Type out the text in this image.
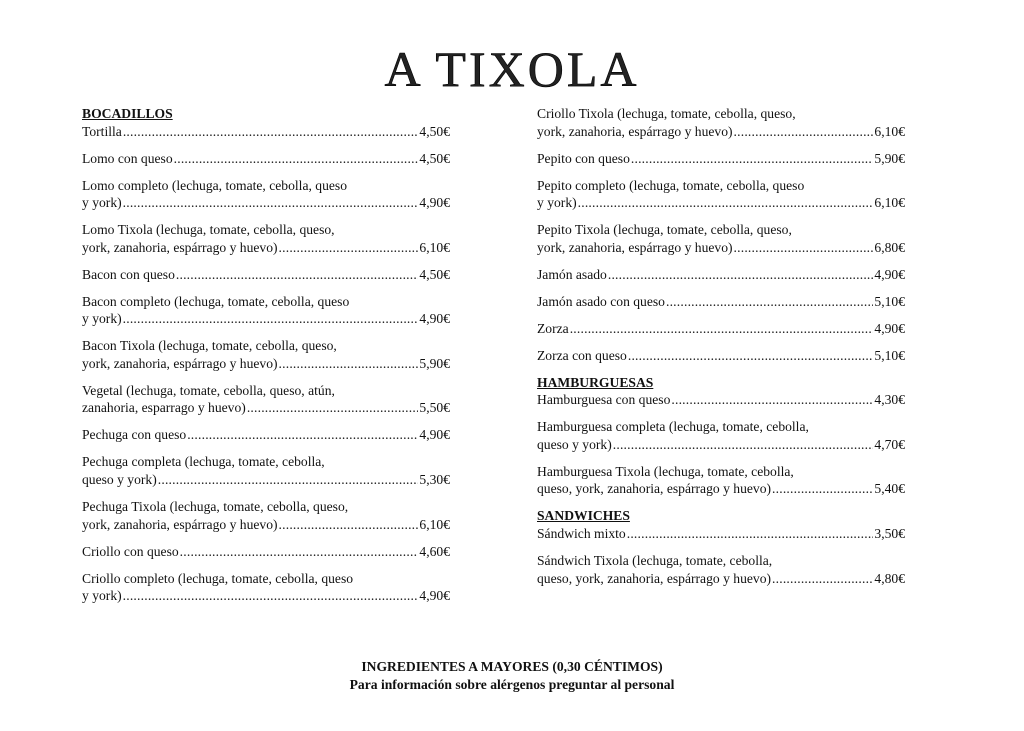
A TIXOLA
BOCADILLOS
Tortilla .....	4,50€
Lomo con queso .....	4,50€
Lomo completo (lechuga, tomate, cebolla, queso
y york) .....	4,90€
Lomo Tixola (lechuga, tomate, cebolla, queso,
york, zanahoria, espárrago y huevo) .....	6,10€
Bacon con queso .....	4,50€
Bacon completo (lechuga, tomate, cebolla, queso
y york) .....	4,90€
Bacon Tixola (lechuga, tomate, cebolla, queso,
york, zanahoria, espárrago y huevo) .....	5,90€
Vegetal (lechuga, tomate, cebolla, queso, atún,
zanahoria, esparrago y huevo) .....	5,50€
Pechuga con queso .....	4,90€
Pechuga completa (lechuga, tomate, cebolla,
queso y york) .....	5,30€
Pechuga Tixola (lechuga, tomate, cebolla, queso,
york, zanahoria, espárrago y huevo) .....	6,10€
Criollo con queso .....	4,60€
Criollo completo (lechuga, tomate, cebolla, queso
y york) .....	4,90€
Criollo Tixola (lechuga, tomate, cebolla, queso,
york, zanahoria, espárrago y huevo) .....	6,10€
Pepito con queso .....	5,90€
Pepito completo (lechuga, tomate, cebolla, queso
y york) .....	6,10€
Pepito Tixola (lechuga, tomate, cebolla, queso,
york, zanahoria, espárrago y huevo) .....	6,80€
Jamón asado .....	4,90€
Jamón asado con queso .....	5,10€
Zorza .....	4,90€
Zorza con queso .....	5,10€
HAMBURGUESAS
Hamburguesa con queso .....	4,30€
Hamburguesa completa (lechuga, tomate, cebolla,
queso y york) .....	4,70€
Hamburguesa Tixola (lechuga, tomate, cebolla,
queso, york, zanahoria, espárrago y huevo) .....	5,40€
SANDWICHES
Sándwich mixto .....	3,50€
Sándwich Tixola (lechuga, tomate, cebolla,
queso, york, zanahoria, espárrago y huevo) .....	4,80€
INGREDIENTES A MAYORES (0,30 CÉNTIMOS)
Para información sobre alérgenos preguntar al personal
